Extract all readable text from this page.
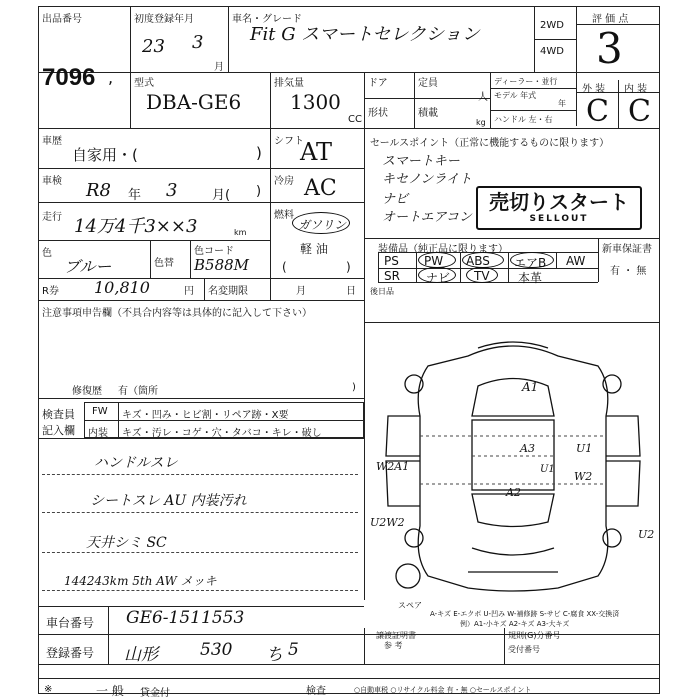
出品番号
7096 ,
初度登録年月
23 3
月
車名・グレード
Fit G スマートセレクション	2WD
4WD
評 価 点
3
型式
DBA-GE6
排気量
1300
CC
ドア	定員
人
形状	積載
kg
ディーラー・並行
モデル 年式
年
ハンドル 左・右
外 装 内 装
C C
車歴
自家用・(	)
シフト
AT
車検 R8 年 3	月( )
冷房 AC
走行 14万4千3××3	km
燃料
ガソリン
軽 油
(	)
色
ブルー	色替
色コード
B588M
R券 10,810	円 名変期限	月	日
セールスポイント（正常に機能するものに限ります）
スマートキー
キセノンライト
ナビ
オートエアコン
売切りスタート
SELLOUT
装備品（純正品に限ります）	新車保証書
有 ・ 無
PS PW ABS エアB AW
SR ナビ TV 本革
後日品
注意事項申告欄（不具合内容等は具体的に記入して下さい）
修復歴 有（箇所	)
検査員
記入欄
FW キズ・凹み・ヒビ割・リペア跡・X要
内装 キズ・汚レ・コゲ・穴・タバコ・キレ・破し
ハンドルスレ
シートスレ AU 内装汚れ
天井シミ SC
144243km 5th AW メッキ
A1
A3	U1
W2
U1
A2
U2
W2A1
U2W2
スペア
A-キズ E-エクボ U-凹み W-補修跡 S-サビ C-腐食 XX-交換済
例）A1-小キズ A2-キズ A3-大キズ
車台番号 GE6-1511553
登録番号 山形 530 ち 5
譲渡証明書
参 考
規則(G)分番号
受付番号
※	一 般 貸金付	検査	○自動車税 ○リサイクル料金 有・無 ○セールスポイント
